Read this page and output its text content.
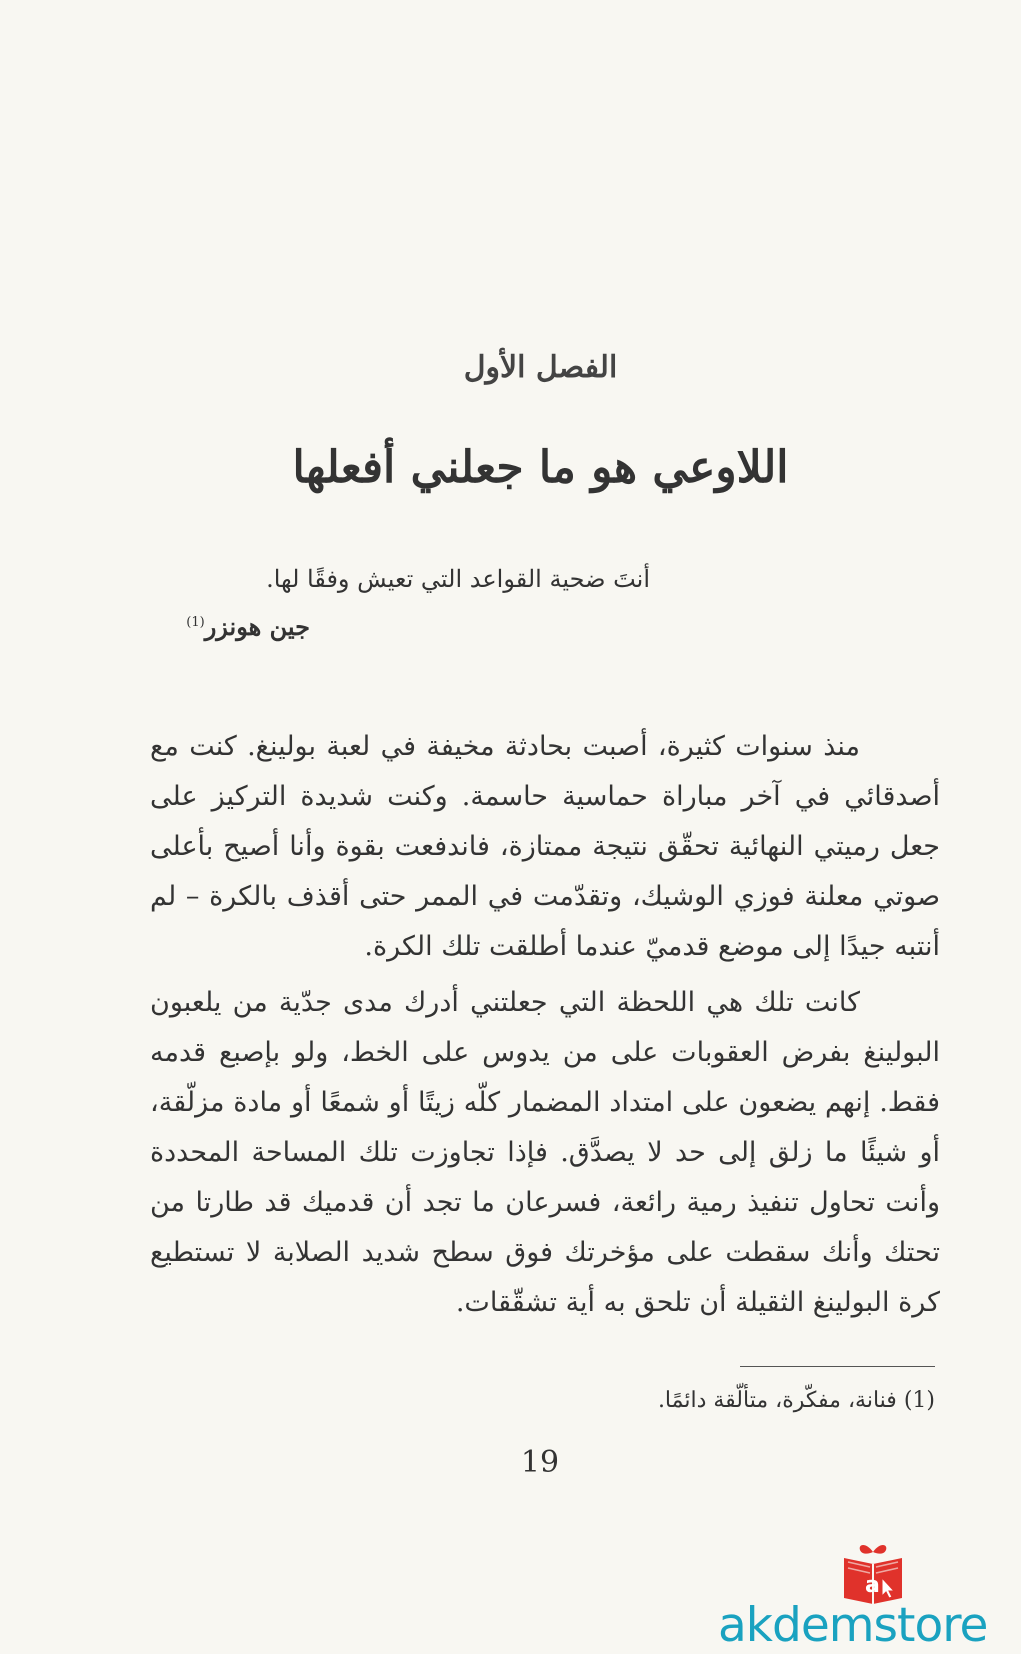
الفصل الأول
اللاوعي هو ما جعلني أفعلها
أنتَ ضحية القواعد التي تعيش وفقًا لها.
جين هونزر$^{(1)}$

منذ سنوات كثيرة، أصبت بحادثة مخيفة في لعبة بولينغ. كنت مع أصدقائي في آخر مباراة حماسية حاسمة. وكنت شديدة التركيز على جعل رميتي النهائية تحقّق نتيجة ممتازة، فاندفعت بقوة وأنا أصيح بأعلى صوتي معلنة فوزي الوشيك، وتقدّمت في الممر حتى أقذف بالكرة – لم أنتبه جيدًا إلى موضع قدميّ عندما أطلقت تلك الكرة.

كانت تلك هي اللحظة التي جعلتني أدرك مدى جدّية من يلعبون البولينغ بفرض العقوبات على من يدوس على الخط، ولو بإصبع قدمه فقط. إنهم يضعون على امتداد المضمار كلّه زيتًا أو شمعًا أو مادة مزلّقة، أو شيئًا ما زلق إلى حد لا يصدَّق. فإذا تجاوزت تلك المساحة المحددة وأنت تحاول تنفيذ رمية رائعة، فسرعان ما تجد أن قدميك قد طارتا من تحتك وأنك سقطت على مؤخرتك فوق سطح شديد الصلابة لا تستطيع كرة البولينغ الثقيلة أن تلحق به أية تشقّقات.

(1) فنانة، مفكّرة، متألّقة دائمًا.
19
a
akdemstore
